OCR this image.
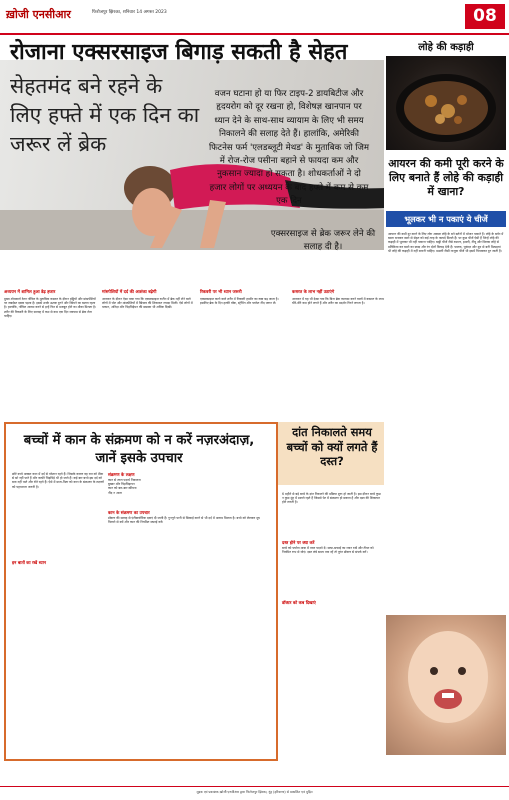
ख़ोजी एनसीआर	फिरोजपुर झिरका, शनिवार 14 अगस्त 2023	08
रोजाना एक्सरसाइज बिगाड़ सकती है सेहत
सेहतमंद बने रहने के लिए हफ्ते में एक दिन का जरूर लें ब्रेक
वजन घटाना हो या फिर टाइप-2 डायबिटीज और हृदयरोग को दूर रखना हो, विशेषज्ञ खानपान पर ध्यान देने के साथ-साथ व्यायाम के लिए भी समय निकालने की सलाह देते हैं। हालांकि, अमेरिकी फिटनेस फर्म 'एलडब्लूटी मेथड' के मुताबिक जो जिम में रोज-रोज पसीना बहाने से फायदा कम और नुकसान ज्यादा हो सकता है। शोधकर्ताओं ने दो हजार लोगों पर अध्ययन के बाद हफ्ते में कम से कम एक दिन
एक्सरसाइज से ब्रेक जरूर लेने की सलाह दी है।
अध्ययन में शामिल हुआ डेढ़ हजार
मुख्य शोधकर्ता टेलर नॉविल के मुताबिक कसरत के दौरान हड्डियों और मांसपेशियों पर जबर्दस्त दबाव पड़ता है। इससे उनके ऊतक टूटने और खिंचने का खतरा रहता है। हालांकि, नॉविल आराम करने से इन्हें फिर से मजबूत होने का मौका मिलता है। शरीर की रिकवरी के लिए सप्ताह में कम से कम एक दिन व्यायाम से ब्रेक लेना चाहिए।
मांसपेशियों में दर्द की आशंका बढ़ेगी
अध्ययन के दौरान ऐसा पाया गया कि एक्सरसाइज रूटीन में ब्रेक नहीं लेने वाले लोगों में चोट और मांसपेशियों में खिंचाव की शिकायत ज्यादा मिली। ऐसे लोगों में थकान, अनिद्रा और चिड़चिड़ेपन की समस्या भी अधिक दिखी।
रिकवरी पर भी ध्यान जरूरी
एक्सरसाइज करने वाले शरीर में रिकवरी हार्मोन का स्राव बढ़ जाता है। इसलिए ब्रेक के दिन हल्की वॉक, स्ट्रेचिंग और पर्याप्त नींद जरूर लें।
कसरत के लाभ नहीं उठाएंगे
अध्ययन में यह भी देखा गया कि बिना ब्रेक व्यायाम करने वालों में कसरत के लाभ धीरे-धीरे कम होने लगते हैं और शरीर का प्रदर्शन गिरने लगता है।
लोहे की कड़ाही
आयरन की कमी पूरी करने के लिए बनाते हैं लोहे की कड़ाही में खाना?
भूलकर भी न पकाएं ये चीजें
आयरन की कमी दूर करने के लिए लोग अक्सर लोहे के बने बर्तनों में भोजन पकाते हैं। लोहे के बर्तन में खाना बनाकर खाने से सेहत को कई तरह के फायदे मिलते हैं। पर कुछ चीजें ऐसी हैं जिन्हें लोहे की कड़ाही में भूलकर भी नहीं पकाना चाहिए। खट्टी चीजें जैसे टमाटर, इमली, नींबू और सिरका लोहे से प्रतिक्रिया कर खाने का स्वाद और रंग दोनों बिगाड़ देती हैं। पालक, चुकंदर और दूध से बनी मिठाइयां भी लोहे की कड़ाही में नहीं बनानी चाहिए। मछली जैसी नाजुक चीजें भी इसमें चिपककर टूट जाती हैं।
बच्चों में कान के संक्रमण को न करें नज़रअंदाज़, जानें इसके उपचार
छोटे बच्चे अक्सर कान में दर्द से परेशान रहते हैं। जिसके कारण वह रात को ठीक से सो नहीं पाते हैं और काफी चिड़चिड़े भी हो जाते हैं। कई बार बच्चे इस दर्द को बता नहीं पाते और रोते रहते हैं। ऐसे में माता-पिता को कान के संक्रमण के लक्षणों को पहचानना जरूरी है।
संक्रमण के लक्षण
कान से तरल पदार्थ निकलना
बुखार और चिड़चिड़ापन
कान को बार-बार खींचना
नींद न आना
कान के संक्रमण का उपचार
डॉक्टर की सलाह से एंटीबायोटिक दवाएं दी जाती हैं। गुनगुने पानी से सिकाई करने से भी दर्द में आराम मिलता है। बच्चे को लेटाकर दूध पिलाने से बचें और कान की नियमित सफाई करें।
इन बातों का रखें ध्यान
दांत निकालते समय बच्चों को क्यों लगते हैं दस्त?
6 महीने से बड़े बच्चे के दांत निकलने की प्रक्रिया शुरू हो जाती है। इस दौरान बच्चे कुछ न कुछ मुंह में डालते रहते हैं जिससे पेट में संक्रमण हो सकता है और दस्त की शिकायत होने लगती है।
दस्त होने पर क्या करें
बच्चे को पर्याप्त मात्रा में तरल पदार्थ दें। साफ-सफाई का ध्यान रखें और टीथर को नियमित रूप से धोएं। दस्त लंबे समय तक रहें तो तुरंत डॉक्टर से संपर्क करें।
डॉक्टर को कब दिखाएं
मुद्रक एवं प्रकाशक ख़ोजी एनसीआर द्वारा फिरोजपुर झिरका, नूंह (हरियाणा) से प्रकाशित एवं मुद्रित
